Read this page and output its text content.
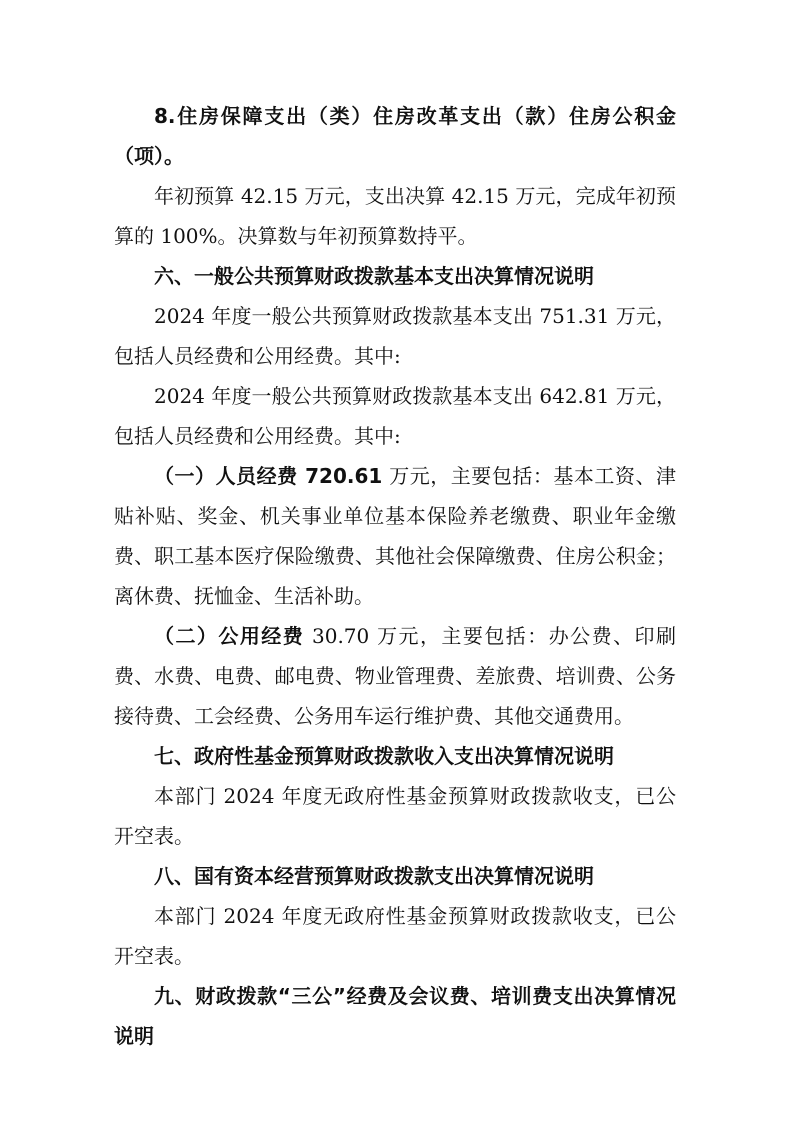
8.住房保障支出（类）住房改革支出（款）住房公积金（项）。

年初预算 42.15 万元，支出决算 42.15 万元，完成年初预算的 100%。决算数与年初预算数持平。

六、一般公共预算财政拨款基本支出决算情况说明

2024 年度一般公共预算财政拨款基本支出 751.31 万元，包括人员经费和公用经费。其中:

2024 年度一般公共预算财政拨款基本支出 642.81 万元，包括人员经费和公用经费。其中:

（一）人员经费 720.61 万元，主要包括：基本工资、津贴补贴、奖金、机关事业单位基本保险养老缴费、职业年金缴费、职工基本医疗保险缴费、其他社会保障缴费、住房公积金；离休费、抚恤金、生活补助。

（二）公用经费 30.70 万元，主要包括：办公费、印刷费、水费、电费、邮电费、物业管理费、差旅费、培训费、公务接待费、工会经费、公务用车运行维护费、其他交通费用。

七、政府性基金预算财政拨款收入支出决算情况说明

本部门 2024 年度无政府性基金预算财政拨款收支，已公开空表。

八、国有资本经营预算财政拨款支出决算情况说明

本部门 2024 年度无政府性基金预算财政拨款收支，已公开空表。

九、财政拨款“三公”经费及会议费、培训费支出决算情况说明
